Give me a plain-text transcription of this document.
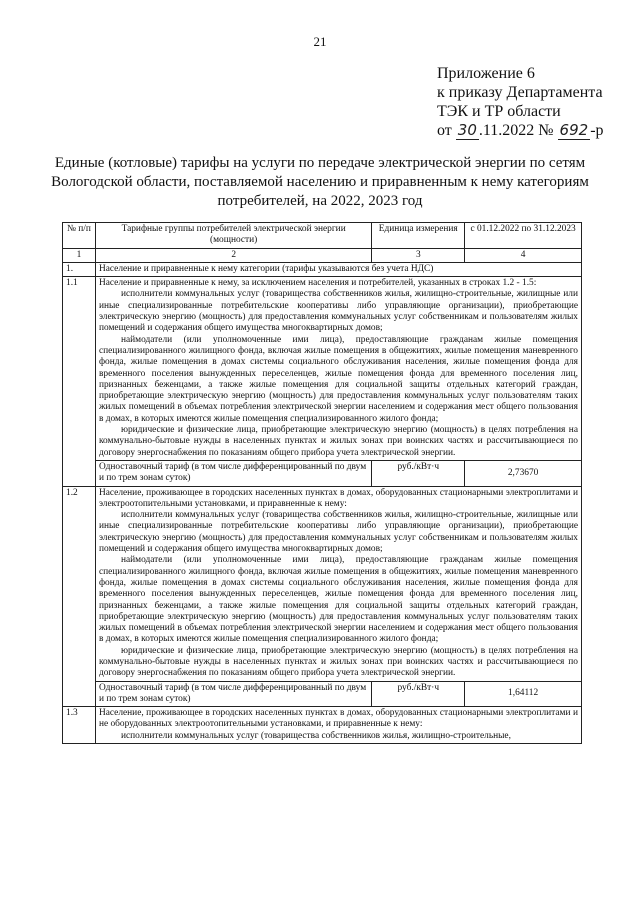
21
Приложение 6
к приказу Департамента
ТЭК и ТР области
от 30 .11.2022 № 692 -р
Единые (котловые) тарифы на услуги по передаче электрической энергии по сетям Вологодской области, поставляемой населению и приравненным к нему категориям потребителей, на 2022, 2023 год
№ п/п	Тарифные группы потребителей электрической энергии (мощности)	Единица измерения	с 01.12.2022 по 31.12.2023
1	2	3	4
1.	Население и приравненные к нему категории (тарифы указываются без учета НДС)		
1.1	Население и приравненные к нему, за исключением населения и потребителей, указанных в строках 1.2 - 1.5:

исполнители коммунальных услуг (товарищества собственников жилья, жилищно-строительные, жилищные или иные специализированные потребительские кооперативы либо управляющие организации), приобретающие электрическую энергию (мощность) для предоставления коммунальных услуг собственникам и пользователям жилых помещений и содержания общего имущества многоквартирных домов;

наймодатели (или уполномоченные ими лица), предоставляющие гражданам жилые помещения специализированного жилищного фонда, включая жилые помещения в общежитиях, жилые помещения маневренного фонда, жилые помещения в домах системы социального обслуживания населения, жилые помещения фонда для временного поселения вынужденных переселенцев, жилые помещения фонда для временного поселения лиц, признанных беженцами, а также жилые помещения для социальной защиты отдельных категорий граждан, приобретающие электрическую энергию (мощность) для предоставления коммунальных услуг пользователям таких жилых помещений в объемах потребления электрической энергии населением и содержания мест общего пользования в домах, в которых имеются жилые помещения специализированного жилого фонда;

юридические и физические лица, приобретающие электрическую энергию (мощность) в целях потребления на коммунально-бытовые нужды в населенных пунктах и жилых зонах при воинских частях и рассчитывающиеся по договору энергоснабжения по показаниям общего прибора учета электрической энергии.		

	Одноставочный тариф (в том числе дифференцированный по двум и по трем зонам суток)	руб./кВт·ч	2,73670
1.2	Население, проживающее в городских населенных пунктах в домах, оборудованных стационарными электроплитами и электроотопительными установками, и приравненные к нему:

исполнители коммунальных услуг (товарищества собственников жилья, жилищно-строительные, жилищные или иные специализированные потребительские кооперативы либо управляющие организации), приобретающие электрическую энергию (мощность) для предоставления коммунальных услуг собственникам и пользователям жилых помещений и содержания общего имущества многоквартирных домов;

наймодатели (или уполномоченные ими лица), предоставляющие гражданам жилые помещения специализированного жилищного фонда, включая жилые помещения в общежитиях, жилые помещения маневренного фонда, жилые помещения в домах системы социального обслуживания населения, жилые помещения фонда для временного поселения вынужденных переселенцев, жилые помещения фонда для временного поселения лиц, признанных беженцами, а также жилые помещения для социальной защиты отдельных категорий граждан, приобретающие электрическую энергию (мощность) для предоставления коммунальных услуг пользователям таких жилых помещений в объемах потребления электрической энергии населением и содержания мест общего пользования в домах, в которых имеются жилые помещения специализированного жилого фонда;

юридические и физические лица, приобретающие электрическую энергию (мощность) в целях потребления на коммунально-бытовые нужды в населенных пунктах и жилых зонах при воинских частях и рассчитывающиеся по договору энергоснабжения по показаниям общего прибора учета электрической энергии.		

	Одноставочный тариф (в том числе дифференцированный по двум и по трем зонам суток)	руб./кВт·ч	1,64112
1.3	Население, проживающее в городских населенных пунктах в домах, оборудованных стационарными электроплитами и не оборудованных электроотопительными установками, и приравненные к нему:

исполнители коммунальных услуг (товарищества собственников жилья, жилищно-строительные,		
